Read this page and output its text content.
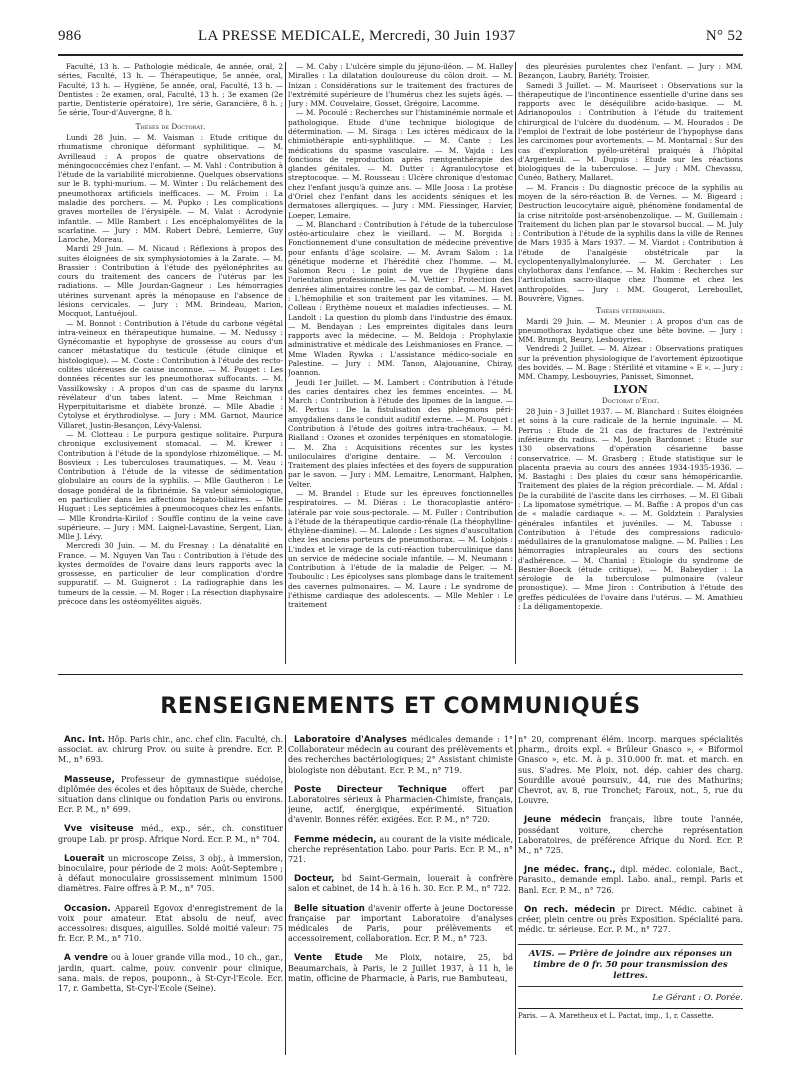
986	LA PRESSE MEDICALE, Mercredi, 30 Juin 1937	N° 52

Faculté, 13 h. — Pathologie médicale, 4e année, oral, 2 séries, Faculté, 13 h. — Thérapeutique, 5e année, oral, Faculté, 13 h. — Hygiène, 5e année, oral, Faculté, 13 h. — Dentistes : 2e examen, oral, Faculté, 13 h. ; 3e examen (2e partie, Dentisterie opératoire), 1re série, Garancière, 8 h. ; 5e série, Tour-d'Auvergne, 8 h.

Thèses de Doctorat.

Lundi 28 Juin. — M. Vaisman : Etude critique du rhumatisme chronique déformant syphilitique. — M. Avrilleaud : A propos de quatre observations de méningococcémies chez l'enfant. — M. Vahl : Contribution à l'étude de la variabilité microbienne. Quelques observations sur le B. typhi-murium. — M. Winter : Du relâchement des pneumothorax artificiels inefficaces. — M. Froim : La maladie des porchers. — M. Pupko : Les complications graves mortelles de l'érysipèle. — M. Valat : Acrodynie infantile. — Mlle Rambert : Les encéphalomyélites de la scarlatine. — Jury : MM. Robert Debré, Lemierre, Guy Laroche, Moreau.

Mardi 29 Juin. — M. Nicaud : Réflexions à propos des suites éloignées de six symphysiotomies à la Zarate. — M. Brassier : Contribution à l'étude des pyélonéphrites au cours du traitement des cancers de l'utérus par les radiations. — Mlle Jourdan-Gagneur : Les hémorragies utérines survenant après la ménopause en l'absence de lésions cervicales. — Jury : MM. Brindeau, Marion, Mocquot, Lantuéjoul.

— M. Bonnot : Contribution à l'étude du carbone végétal intra-veineux en thérapeutique humaine. — M. Nedussy : Gynécomastie et hypophyse de grossesse au cours d'un cancer métastatique du testicule (étude clinique et histologique). — M. Coste : Contribution à l'étude des recto-colites ulcéreuses de cause inconnue. — M. Pouget : Les données récentes sur les pneumothorax suffocants. — M. Vassilkowsky : A propos d'un cas de spasme du larynx révélateur d'un tabes latent. — Mme Reichman : Hyperpituitarisme et diabète bronzé. — Mlle Abadie : Cytolyse et érythrodiolyse. — Jury : MM. Garnot, Maurice Villaret, Justin-Besançon, Lévy-Valensi.

— M. Clotteau : Le purpura gestique solitaire. Purpura chronique exclusivement stomacal. — M. Krewer : Contribution à l'étude de la spondylose rhizomélique. — M. Bosvieux : Les tuberculoses traumatiques. — M. Veau : Contribution à l'étude de la vitesse de sédimentation globulaire au cours de la syphilis. — Mlle Gautheron : Le dosage pondéral de la fibrinémie. Sa valeur sémiologique, en particulier dans les affections hépato-biliaires. — Mlle Huguet : Les septicémies à pneumocoques chez les enfants. — Mlle Krondria-Kirilof : Souffle continu de la veine cave supérieure. — Jury : MM. Laignel-Lavastine, Sergent, Lian, Mlle J. Lévy.

Mercredi 30 Juin. — M. du Fresnay : La dénatalité en France. — M. Nguyen Van Tau : Contribution à l'étude des kystes dermoïdes de l'ovaire dans leurs rapports avec la grossesse, en particulier de leur complication d'ordre suppuratif. — M. Guignerot : La radiographie dans les tumeurs de la cessie. — M. Roger : La résection diaphysaire précoce dans les ostéomyélites aiguës.

— M. Caby : L'ulcère simple du jéjuno-iléon. — M. Halley Miralles : La dilatation douloureuse du côlon droit. — M. Inizan : Considérations sur le traitement des fractures de l'extrémité supérieure de l'humérus chez les sujets âgés. — Jury : MM. Couvelaire, Gosset, Grégoire, Lacomme.

— M. Pocoulé : Recherches sur l'histaminémie normale et pathologique. Etude d'une technique biologique de détermination. — M. Siraga : Les ictères médicaux de la chimiothérapie anti-syphilitique. — M. Cante : Les médications du spasme vasculaire. — M. Vajda : Les fonctions de reproduction après rœntgenthérapie des glandes génitales. — M. Dutter : Agranulocytose et streptocoque. — M. Rousseau : Ulcère chronique d'estomac chez l'enfant jusqu'à quinze ans. — Mlle Joosa : La protèse d'Oriel chez l'enfant dans les accidents séniques et les dermatoses allergiques. — Jury : MM. Fiessinger, Harvier, Loeper, Lemaire.

— M. Blanchard : Contribution à l'étude de la tuberculose ostéo-articulaire chez le vieillard. — M. Borgida : Fonctionnement d'une consultation de médecine préventive pour enfants d'âge scolaire. — M. Avram Salom : La génétique moderne et l'hérédité chez l'homme. — M. Salomon Recu : Le point de vue de l'hygiène dans l'orientation professionnelle. — M. Vettier : Protection des denrées alimentaires contre les gaz de combat. — M. Havet : L'hémophilie et son traitement par les vitamines. — M. Colleau : Erythème noueux et maladies infectieuses. — M. Landolt : La question du plomb dans l'industrie des émaux. — M. Bendayan : Les empreintes digitales dans leurs rapports avec la médecine. — M. Beldoja : Prophylaxie administrative et médicale des Leishmanioses en France. — Mme Wladen Rywka : L'assistance médico-sociale en Palestine. — Jury : MM. Tanon, Alajouanine, Chiray, Joannon.

Jeudi 1er Juillet. — M. Lambert : Contribution à l'étude des caries dentaires chez les femmes enceintes. — M. March : Contribution à l'étude des lipomes de la langue. — M. Pertus : De la fistulisation des phlegmons péri-amygdaliens dans le conduit auditif externe. — M. Pouquet : Contribution à l'étude des goitres intra-trachéaux. — M. Rialland : Ozones et ozonides terpéniques en stomatologie. — M. Zha : Acquisitions récentes sur les kystes uniloculaires d'origine dentaire. — M. Vercoulon : Traitement des plaies infectées et des foyers de suppuration par le savon. — Jury : MM. Lemaitre, Lenormant, Halphen, Velter.

— M. Brandel : Etude sur les épreuves fonctionnelles respiratoires. — M. Diéras : Le thoracoplastie antéro-latérale par voie sous-pectorale. — M. Fuller : Contribution à l'étude de la thérapeutique cardio-rénale (La théophylline-éthylène-diamine). — M. Lalonde : Les signes d'auscultation chez les anciens porteurs de pneumothorax. — M. Lobjois : L'index et le virage de la cuti-réaction tuberculinique dans un service de médecine sociale infantile. — M. Neumann : Contribution à l'étude de la maladie de Pelger. — M. Touboulic : Les épicolyses sans plombage dans le traitement des cavernes pulmonaires. — M. Laure : Le syndrome de l'éthisme cardiaque des adolescents. — Mlle Mehler : Le traitement

des pleurésies purulentes chez l'enfant. — Jury : MM. Bezançon, Laubry, Bariéty, Troisier.

Samedi 3 Juillet. — M. Mauriseet : Observations sur la thérapeutique de l'incontinence essentielle d'urine dans ses rapports avec le déséquilibre acido-basique. — M. Adrianopoulos : Contribution à l'étude du traitement chirurgical de l'ulcère du duodénum. — M. Hourados : De l'emploi de l'extrait de lobe postérieur de l'hypophyse dans les carcinomes pour avortements. — M. Montarnal : Sur des cas d'exploration pyélo-urétéral praiqués à l'hôpital d'Argenteuil. — M. Dupuis : Etude sur les réactions biologiques de la tuberculose. — Jury : MM. Chevassu, Cunéo, Bathery, Mallaret.

— M. Francis : Du diagnostic précoce de la syphilis au moyen de la séro-réaction B. de Vernes. — M. Bigeard : Destruction leucocytaire aiguë, phénomène fondamental de la crise nitritoïde post-arsénobenzolique. — M. Guillemain : Traitement du lichen plan par le stovarsol buccal. — M. July : Contribution à l'étude de la syphilis dans la ville de Rennes de Mars 1935 à Mars 1937. — M. Viardot : Contribution à l'étude de l'analgésie obstétricale par la cyclopentenyallylmalonylurée. — M. Gerchater : Les chylothorax dans l'enfance. — M. Hakim : Recherches sur l'articulation sacro-iliaque chez l'homme et chez les anthropoïdes. — Jury : MM. Gougerot, Lereboullet, Bouvrère, Vignes.

Thèses vétérinaires.

Mardi 29 Juin. — M. Meunier : A propos d'un cas de pneumothorax hydatique chez une bête bovine. — Jury : MM. Brumpt, Beury, Lesbouyries.

Vendredi 2 Juillet. — M. Alzear : Observations pratiques sur la prévention physiologique de l'avortement épizootique des bovidés. — M. Bage : Stérilité et vitamine « E ». — Jury : MM. Champy, Lesbouyries, Panisset, Simonnet.

LYON

Doctorat d'Etat.

28 Juin - 3 Juillet 1937. — M. Blanchard : Suites éloignées et soins à la cure radicale de la hernie inguinale. — M. Perrus : Etude de 21 cas de fractures de l'extrémité inférieure du radius. — M. Joseph Bardonnet : Etude sur 130 observations d'opération césarienne basse conservatrice. — M. Grasberg : Etude statistique sur le placenta praevia au cours des années 1934-1935-1936. — M. Bastaghi : Des plaies du cœur sans hémopéricardie. Traitement des plaies de la région précordiale. — M. Afdal : De la curabilité de l'ascite dans les cirrhoses. — M. El Gibali : La lipomatose symétrique. — M. Baffie : A propos d'un cas de « maladie cardiaque ». — M. Goldztein : Paralysies générales infantiles et juvéniles. — M. Tabusse : Contribution à l'étude des compressions radiculo-médullaires de la granulomatose maligne. — M. Pallies : Les hémorragies intrapleurales au cours des sections d'adhérence. — M. Chanial : Etiologie du syndrome de Besnier-Boeck (étude critique). — M. Babeydier : La sérologie de la tuberculose pulmonaire (valeur pronostique). — Mme Jiron : Contribution à l'étude des greffes pédiculées de l'ovaire dans l'utérus. — M. Amathieu : La déligamentopexie.

RENSEIGNEMENTS ET COMMUNIQUÉS

Anc. Int. Hôp. Paris chir., anc. chef clin. Faculté, ch. associat. av. chirurg Prov. ou suite à prendre. Ecr. P. M., n° 693.

Masseuse, Professeur de gymnastique suédoise, diplômée des écoles et des hôpitaux de Suède, cherche situation dans clinique ou fondation Paris ou environs. Ecr. P. M., n° 699.

Vve visiteuse méd., exp., sér., ch. constituer groupe Lab. pr prosp. Afrique Nord. Ecr. P. M., n° 704.

Louerait un microscope Zeiss, 3 obj., à immersion, binoculaire, pour période de 2 mois: Août-Septembre ; à défaut monoculaire grossissement minimum 1500 diamètres. Faire offres à P. M., n° 705.

Occasion. Appareil Egovox d'enregistrement de la voix pour amateur. Etat absolu de neuf, avec accessoires: disques, aiguilles. Soldé moitié valeur: 75 fr. Ecr. P. M., n° 710.

A vendre ou à louer grande villa mod., 10 ch., gar., jardin, quart. calme, pouv. convenir pour clinique, sana. mais. de repos, pouponn., à St-Cyr-l'Ecole. Ecr. 17, r. Gambetta, St-Cyr-l'Ecole (Seine).

Laboratoire d'Analyses médicales demande : 1° Collaborateur médecin au courant des prélèvements et des recherches bactériologiques; 2° Assistant chimiste biologiste non débutant. Ecr. P. M., n° 719.

Poste Directeur Technique offert par Laboratoires sérieux à Pharmacien-Chimiste, français, jeune, actif, énergique, expérimenté. Situation d'avenir. Bonnes référ. exigées. Ecr. P. M., n° 720.

Femme médecin, au courant de la visite médicale, cherche représentation Labo. pour Paris. Ecr. P. M., n° 721.

Docteur, bd Saint-Germain, louerait à confrère salon et cabinet, de 14 h. à 16 h. 30. Ecr. P. M., n° 722.

Belle situation d'avenir offerte à jeune Doctoresse française par important Laboratoire d'analyses médicales de Paris, pour prélèvements et accessoirement, collaboration. Ecr. P. M., n° 723.

Vente Etude Me Ploix, notaire, 25, bd Beaumarchais, à Paris, le 2 Juillet 1937, à 11 h, le matin, officine de Pharmacie, à Paris, rue Bambuteau,

n° 20, comprenant élém. incorp. marques spécialités pharm., droits expl. « Brûleur Gnasco », « Biformol Gnasco », etc. M. à p. 310.000 fr. mat. et march. en sus. S'adres. Me Ploix, not. dép. cahier des charg. Sourdille avoué poursuiv., 44, rue des Mathurins; Chevrot, av. 8, rue Tronchet; Faroux, not., 5, rue du Louvre.

Jeune médecin français, libre toute l'année, possédant voiture, cherche représentation Laboratoires, de préférence Afrique du Nord. Ecr. P. M., n° 725.

Jne médec. franç., dipl. médec. coloniale, Bact., Parasito., demande empl. Labo. anal., rempl. Paris et Banl. Ecr. P. M., n° 726.

On rech. médecin pr Direct. Médic. cabinet à créer, plein centre ou près Exposition. Spécialité para. médic. tr. sérieuse. Ecr. P. M., n° 727.

AVIS. — Prière de joindre aux réponses un timbre de 0 fr. 50 pour transmission des lettres.
Le Gérant : O. Porée.

Paris. — A. Maretheux et L. Pactat, imp., 1, r. Cassette.
